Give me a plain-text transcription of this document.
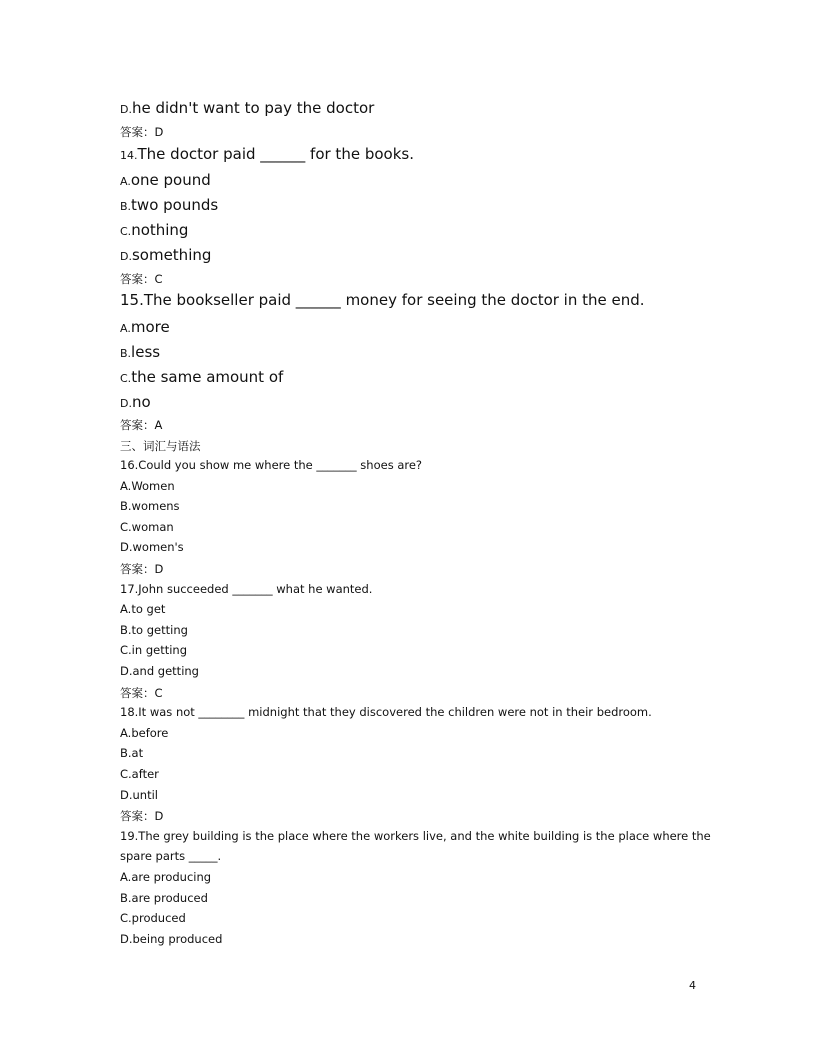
D.he didn't want to pay the doctor
答案：D
14.The doctor paid ______ for the books.
A.one pound
B.two pounds
C.nothing
D.something
答案：C
15.The bookseller paid ______ money for seeing the doctor in the end.
A.more
B.less
C.the same amount of
D.no
答案：A
三、词汇与语法
16.Could you show me where the _______ shoes are?
A.Women
B.womens
C.woman
D.women's
答案：D
17.John succeeded _______ what he wanted.
A.to get
B.to getting
C.in getting
D.and getting
答案：C
18.It was not ________ midnight that they discovered the children were not in their bedroom.
A.before
B.at
C.after
D.until
答案：D
19.The grey building is the place where the workers live, and the white building is the place where the
spare parts _____.
A.are producing
B.are produced
C.produced
D.being produced
4
